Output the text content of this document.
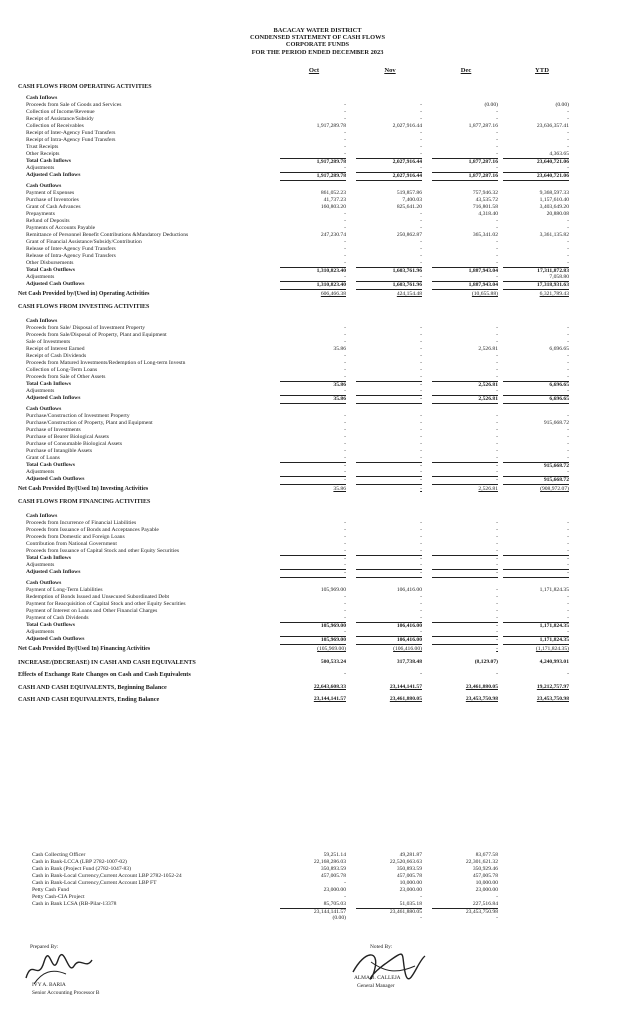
BACACAY WATER DISTRICT
CONDENSED STATEMENT OF CASH FLOWS
CORPORATE FUNDS
FOR THE PERIOD ENDED DECEMBER 2023
Oct	Nov	Dec	YTD
CASH FLOWS FROM OPERATING ACTIVITIES
Cash Inflows
Proceeds from Sale of Goods and Services	-	-	(0.00)	(0.00)
Collection of Income/Revenue	-	-	-	-
Receipt of Assistance/Subsidy	-	-	-	-
Collection of Receivables	1,917,289.78	2,027,916.44	1,877,287.16	23,636,357.41
Receipt of Inter-Agency Fund Transfers	-	-	-	-
Receipt of Intra-Agency Fund Transfers	-	-	-	-
Trust Receipts	-	-	-	-
Other Receipts	-	-	-	4,363.65
Total Cash Inflows	1,917,289.78	2,027,916.44	1,877,287.16	23,640,721.06
Adjustments	-	-	-	-
Adjusted Cash Inflows	1,917,289.78	2,027,916.44	1,877,287.16	23,640,721.06
Cash Outflows
Payment of Expenses	861,052.23	519,857.86	757,946.32	9,368,597.33
Purchase of Inventories	41,737.23	7,400.03	43,535.72	1,157,610.40
Grant of Cash Advances	160,803.20	825,641.20	716,801.58	3,403,649.20
Prepayments	-	-	4,318.40	20,880.08
Refund of Deposits	-	-	-	-
Payments of Accounts Payable	-	-	-	-
Remittance of Personnel Benefit Contributions &Mandatory Deductions	247,230.74	250,862.87	365,341.02	3,361,135.82
Grant of Financial Assistance/Subsidy/Contribution	-	-	-	-
Release of Inter-Agency Fund Transfers	-	-	-	-
Release of Intra-Agency Fund Transfers	-	-	-	-
Other Disbursements	-	-	-	-
Total Cash Outflows	1,310,823.40	1,603,761.96	1,887,943.04	17,311,872.83
Adjustments	-	-	-	7,058.80
Adjusted Cash Outflows	1,310,823.40	1,603,761.96	1,887,943.04	17,318,931.63
Net Cash Provided by/(Used in) Operating Activities	606,466.38	424,154.48	(10,655.88)	6,321,789.43
CASH FLOWS FROM INVESTING ACTIVITIES
Cash Inflows
Proceeds from Sale/ Disposal of Investment Property	-	-	-	-
Proceeds from Sale/Disposal of Property, Plant and Equipment	-	-	-	-
Sale of Investments	-	-	-	-
Receipt of Interest Earned	35.86	-	2,526.81	6,696.65
Receipt of Cash Dividends	-	-	-	-
Proceeds from Matured Investments/Redemption of Long-term Investn	-	-	-	-
Collection of Long-Term Loans	-	-	-	-
Proceeds from Sale of Other Assets	-	-	-	-
Total Cash Inflows	35.86	-	2,526.81	6,696.65
Adjustments	-	-	-	-
Adjusted Cash Inflows	35.86	-	2,526.81	6,696.65
Cash Outflows
Purchase/Construction of Investment Property	-	-	-	-
Purchase/Construction of Property, Plant and Equipment	-	-	-	915,668.72
Purchase of Investments	-	-	-	-
Purchase of Bearer Biological Assets	-	-	-	-
Purchase of Consumable Biological Assets	-	-	-	-
Purchase of Intangible Assets	-	-	-	-
Grant of Loans	-	-	-	-
Total Cash Outflows	-	-	-	915,668.72
Adjustments	-	-	-	-
Adjusted Cash Outflows	-	-	-	915,668.72
Net Cash Provided By/(Used In) Investing Activities	35.86	-	2,526.81	(908,972.07)
CASH FLOWS FROM FINANCING ACTIVITIES
Cash Inflows
Proceeds from Incurrence of Financial Liabilities	-	-	-	-
Proceeds from Issuance of Bonds and Acceptances Payable	-	-	-	-
Proceeds from Domestic and Foreign Loans	-	-	-	-
Contribution from National Government	-	-	-	-
Proceeds from Issuance of Capital Stock and other Equity Securities	-	-	-	-
Total Cash Inflows	-	-	-	-
Adjustments	-	-	-	-
Adjusted Cash Inflows	-	-	-	-
Cash Outflows
Payment of Long-Term Liabilities	105,969.00	106,416.00	-	1,171,824.35
Redemption of Bonds Issued and Unsecured Subordinated Debt	-	-	-	-
Payment for Reacquisition of Capital Stock and other Equity Securities	-	-	-	-
Payment of Interest on Loans and Other Financial Charges	-	-	-	-
Payment of Cash Dividends	-	-	-	-
Total Cash Outflows	105,969.00	106,416.00	-	1,171,824.35
Adjustments	-	-	-	-
Adjusted Cash Outflows	105,969.00	106,416.00	-	1,171,824.35
Net Cash Provided By/(Used In) Financing Activities	(105,969.00)	(106,416.00)	-	(1,171,824.35)
INCREASE/(DECREASE) IN CASH AND CASH EQUIVALENTS	500,533.24	317,738.48	(8,129.07)	4,240,993.01
Effects of Exchange Rate Changes on Cash and Cash Equivalents	-	-	-	-
CASH AND CASH EQUIVALENTS, Beginning Balance	22,643,608.33	23,144,141.57	23,461,880.05	19,212,757.97
CASH AND CASH EQUIVALENTS, Ending Balance	23,144,141.57	23,461,880.05	23,453,750.98	23,453,750.98
Cash Collecting Officer	59,251.14	49,281.87	83,677.58
Cash in Bank-LCCA (LBP 2782-1007-02)	22,168,286.03	22,520,663.63	22,301,621.32
Cash in Bank (Project Fund (2782-1047-83)	350,893.59	350,893.59	350,929.46
Cash in Bank-Local Currency,Current Account LBP 2782-1052-24	457,005.78	457,005.78	457,005.78
Cash in Bank-Local Currency,Current Account LBP FT	-	10,000.00	10,000.00
Petty Cash Fund	23,000.00	23,000.00	23,000.00
Petty Cash-CIA Project	-	-	-
Cash in Bank LCSA (RB-Pilar-13378	85,705.03	51,035.18	227,516.84
23,144,141.57	23,461,880.05	23,453,750.98
(0.00)	-	-
Prepared By:
IVY A. BARIA
Senior Accounting Processor B
Noted By:
ALMA B. CALLEJA
General Manager
